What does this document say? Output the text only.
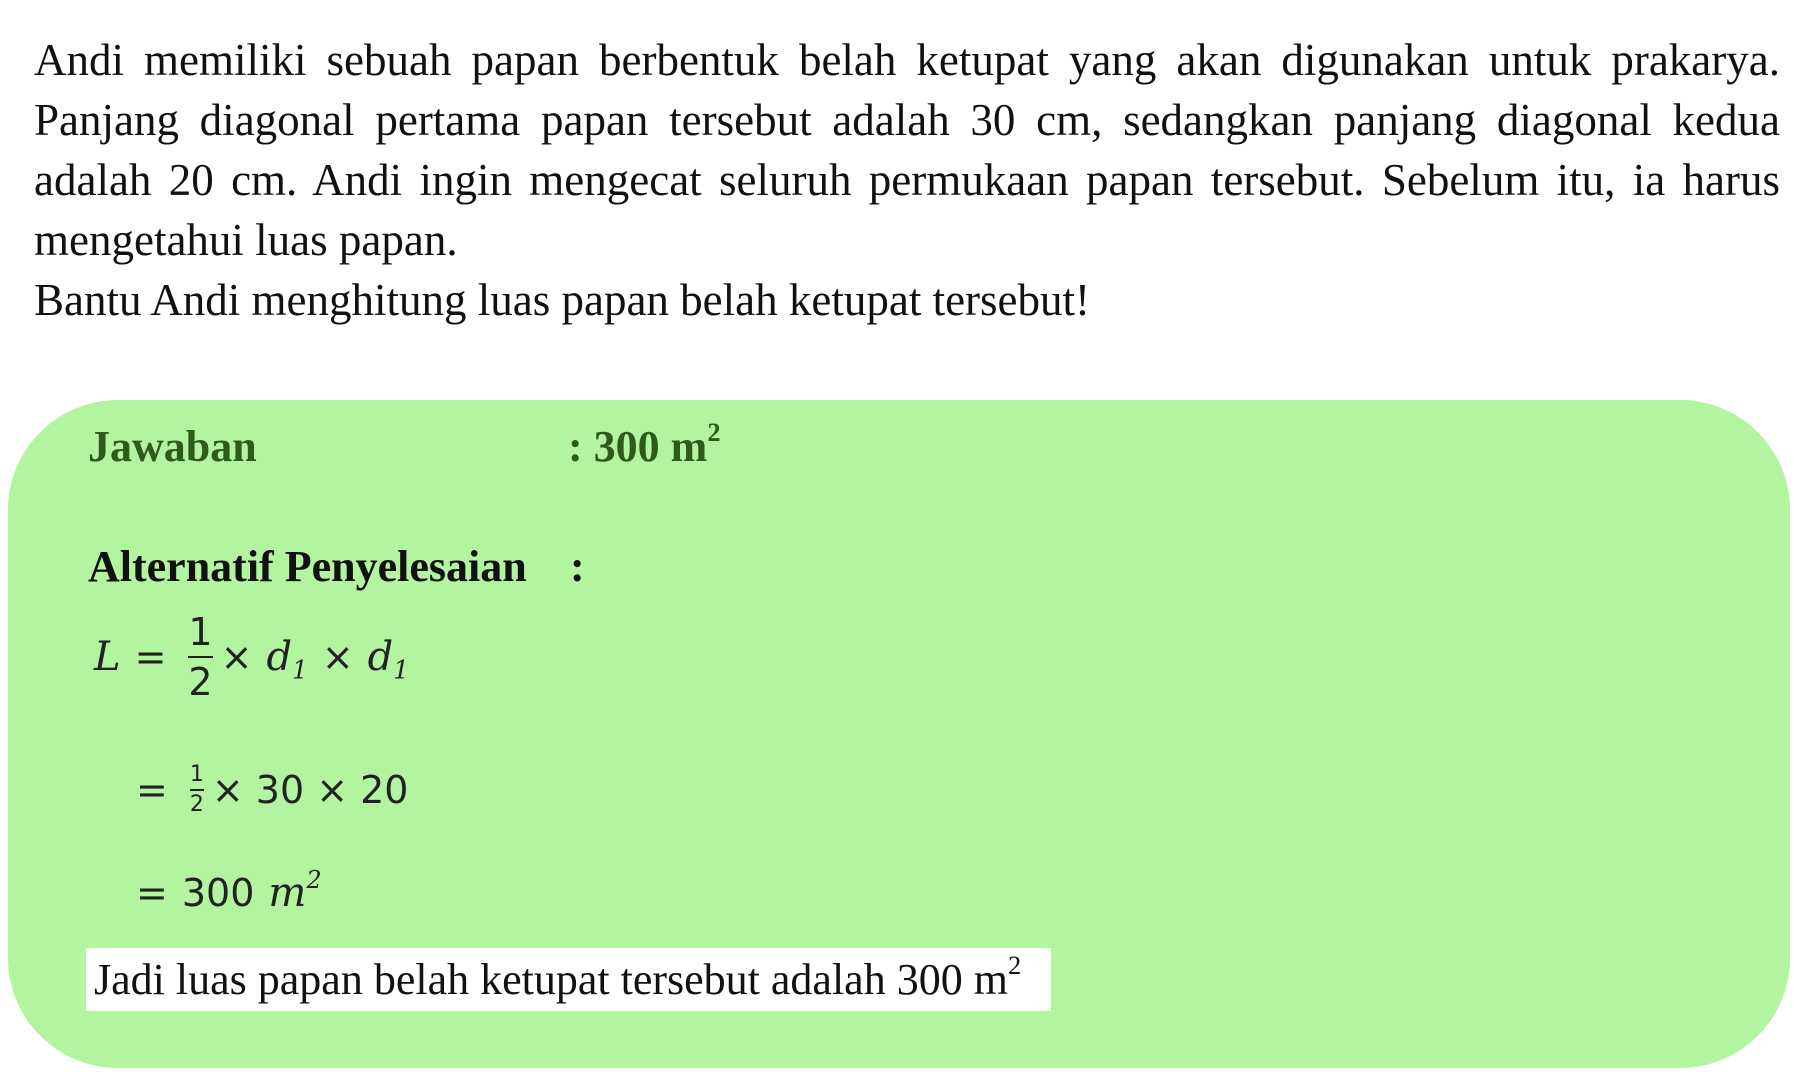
Andi memiliki sebuah papan berbentuk belah ketupat yang akan digunakan untuk prakarya. Panjang diagonal pertama papan tersebut adalah 30 cm, sedangkan panjang diagonal kedua adalah 20 cm. Andi ingin mengecat seluruh permukaan papan tersebut. Sebelum itu, ia harus mengetahui luas papan.

Bantu Andi menghitung luas papan belah ketupat tersebut!

Jawaban	: 300 $m^2$
Alternatif Penyelesaian :
$L = \frac{1}{2} \times d_1 \times d_1$
= $\frac{1}{2} \times 30 \times 20$
= 300 $m^2$
Jadi luas papan belah ketupat tersebut adalah 300 $m^2$
